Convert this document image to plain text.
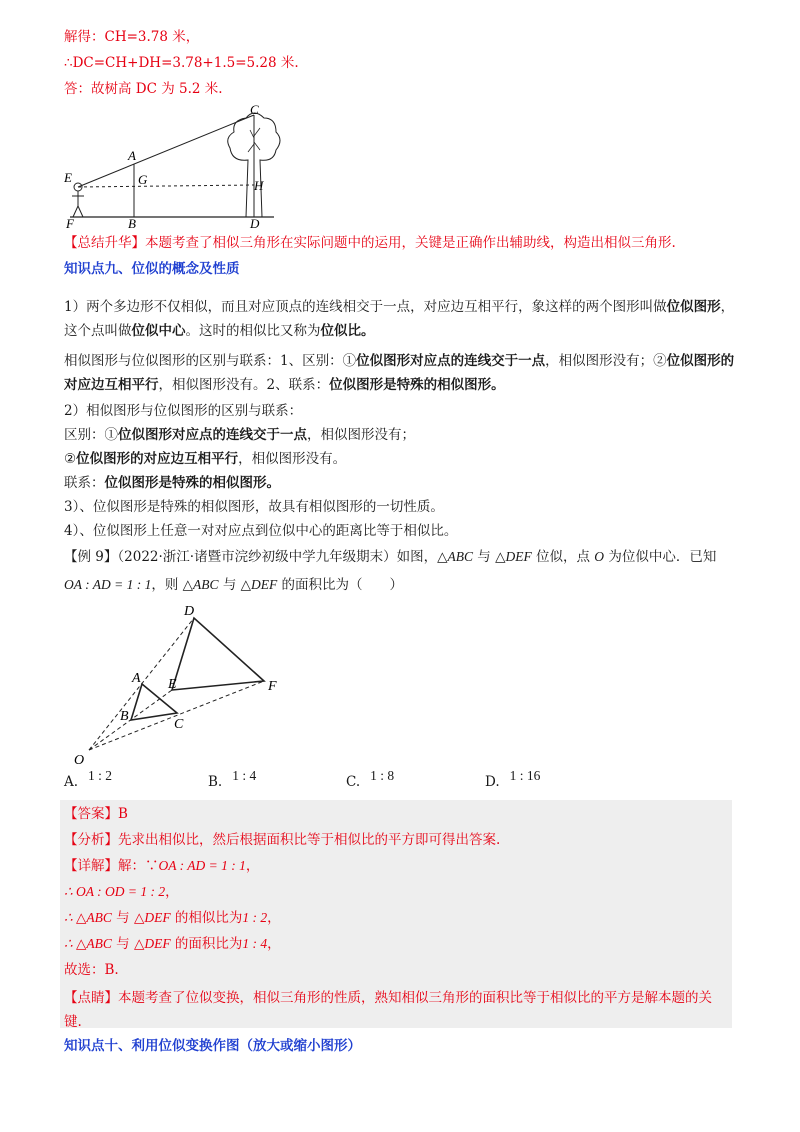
解得：CH=3.78 米，
∴DC=CH+DH=3.78+1.5=5.28 米.
答：故树高 DC 为 5.2 米.
E
F
A
G
B
C
H
D
【总结升华】本题考查了相似三角形在实际问题中的运用，关键是正确作出辅助线，构造出相似三角形.
知识点九、位似的概念及性质
1）两个多边形不仅相似，而且对应顶点的连线相交于一点，对应边互相平行，象这样的两个图形叫做位似图形，这个点叫做位似中心。这时的相似比又称为位似比。
相似图形与位似图形的区别与联系：1、区别：①位似图形对应点的连线交于一点，相似图形没有；②位似图形的对应边互相平行，相似图形没有。2、联系：位似图形是特殊的相似图形。
2）相似图形与位似图形的区别与联系：
区别：①位似图形对应点的连线交于一点，相似图形没有；
②位似图形的对应边互相平行，相似图形没有。
联系：位似图形是特殊的相似图形。
3）、位似图形是特殊的相似图形，故具有相似图形的一切性质。
4）、位似图形上任意一对对应点到位似中心的距离比等于相似比。
【例 9】（2022·浙江·诸暨市浣纱初级中学九年级期末）如图，△ABC 与 △DEF 位似，点 O 为位似中心．已知
OA : AD = 1 : 1，则 △ABC 与 △DEF 的面积比为（　　）
D
A E	F
B
C
O
A. 1 : 2	B. 1 : 4	C. 1 : 8	D. 1 : 16
【答案】B
【分析】先求出相似比，然后根据面积比等于相似比的平方即可得出答案.
【详解】解：∵OA : AD = 1 : 1，
∴ OA : OD = 1 : 2，
∴ △ABC 与 △DEF 的相似比为1 : 2，
∴ △ABC 与 △DEF 的面积比为1 : 4，
故选：B.
【点睛】本题考查了位似变换，相似三角形的性质，熟知相似三角形的面积比等于相似比的平方是解本题的关键.
知识点十、利用位似变换作图（放大或缩小图形）
